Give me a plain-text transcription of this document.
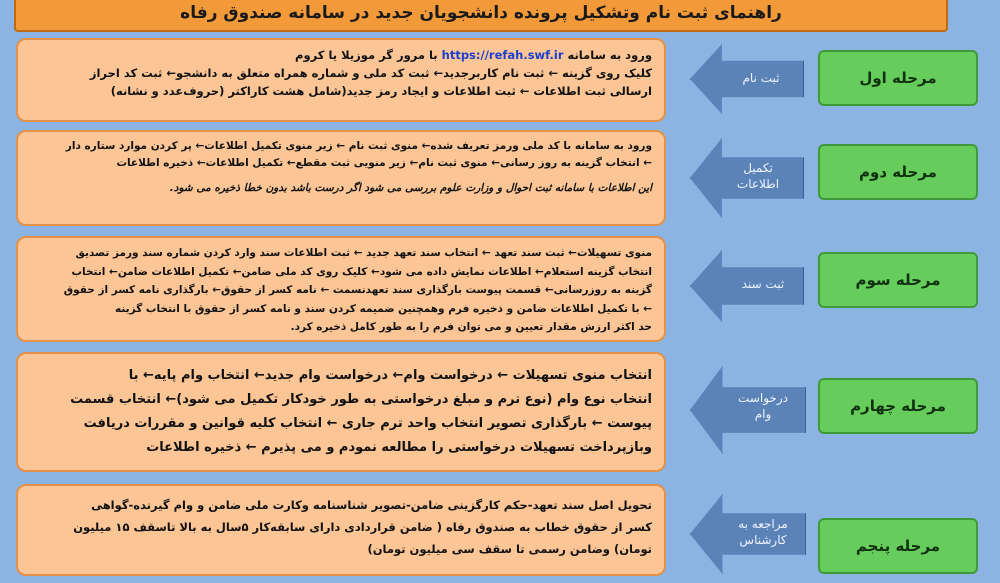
راهنمای ثبت نام وتشکیل پرونده دانشجویان جدید در سامانه صندوق رفاه

ورود به سامانه https://refah.swf.ir با مرور گر موزیلا یا کروم

کلیک روی گزینه ← ثبت نام کاربرجدید← ثبت کد ملی و شماره همراه متعلق به دانشجو← ثبت کد احراز

ارسالی ثبت اطلاعات ← ثبت اطلاعات و ایجاد رمز جدید(شامل هشت کاراکتر (حروف‌عدد و نشانه)

ثبت نام	مرحله اول

ورود به سامانه با کد ملی ورمز تعریف شده← منوی ثبت نام ← زیر منوی تکمیل اطلاعات← پر کردن موارد ستاره دار

← انتخاب گزینه به روز رسانی← منوی ثبت نام← زیر منویی ثبت مقطع← تکمیل اطلاعات← ذخیره اطلاعات

این اطلاعات با سامانه ثبت احوال و وزارت علوم بررسی می شود اگر درست باشد بدون خطا ذخیره می شود.

تکمیل اطلاعات
مرحله دوم

منوی تسهیلات← ثبت سند تعهد ← انتخاب سند تعهد جدید ← ثبت اطلاعات سند وارد کردن شماره سند ورمز تصدیق

انتخاب گزینه استعلام← اطلاعات نمایش داده می شود← کلیک روی کد ملی ضامن← تکمیل اطلاعات ضامن← انتخاب

گزینه به روزرسانی← قسمت پیوست بارگذاری سند تعهدنسمت ← نامه کسر از حقوق← بارگذاری نامه کسر از حقوق

← با تکمیل اطلاعات ضامن و ذخیره فرم وهمچنین ضمیمه کردن سند و نامه کسر از حقوق با انتخاب گزینه

حد اکثر ارزش مقدار تعیین و می توان فرم را به طور کامل ذخیره کرد.

ثبت سند	مرحله سوم

انتخاب منوی تسهیلات ← درخواست وام← درخواست وام جدید← انتخاب وام پایه← با

انتخاب نوع وام (نوع ترم و مبلغ درخواستی به طور خودکار تکمیل می شود)← انتخاب قسمت

پیوست ← بارگذاری تصویر انتخاب واحد ترم جاری ← انتخاب کلیه قوانین و مقررات دریافت

وبازپرداخت تسهیلات درخواستی را مطالعه نمودم و می پذیرم ← ذخیره اطلاعات

درخواست وام	مرحله چهارم

تحویل اصل سند تعهد-حکم کارگزینی ضامن-تصویر شناسنامه وکارت ملی ضامن و وام گیرنده-گواهی

کسر از حقوق خطاب به صندوق رفاه ( ضامن قراردادی دارای سابقه‌کار ۵سال به بالا تاسقف ۱۵ میلیون

تومان) وضامن رسمی تا سقف سی میلیون تومان)

مراجعه به کارشناس	مرحله پنجم
